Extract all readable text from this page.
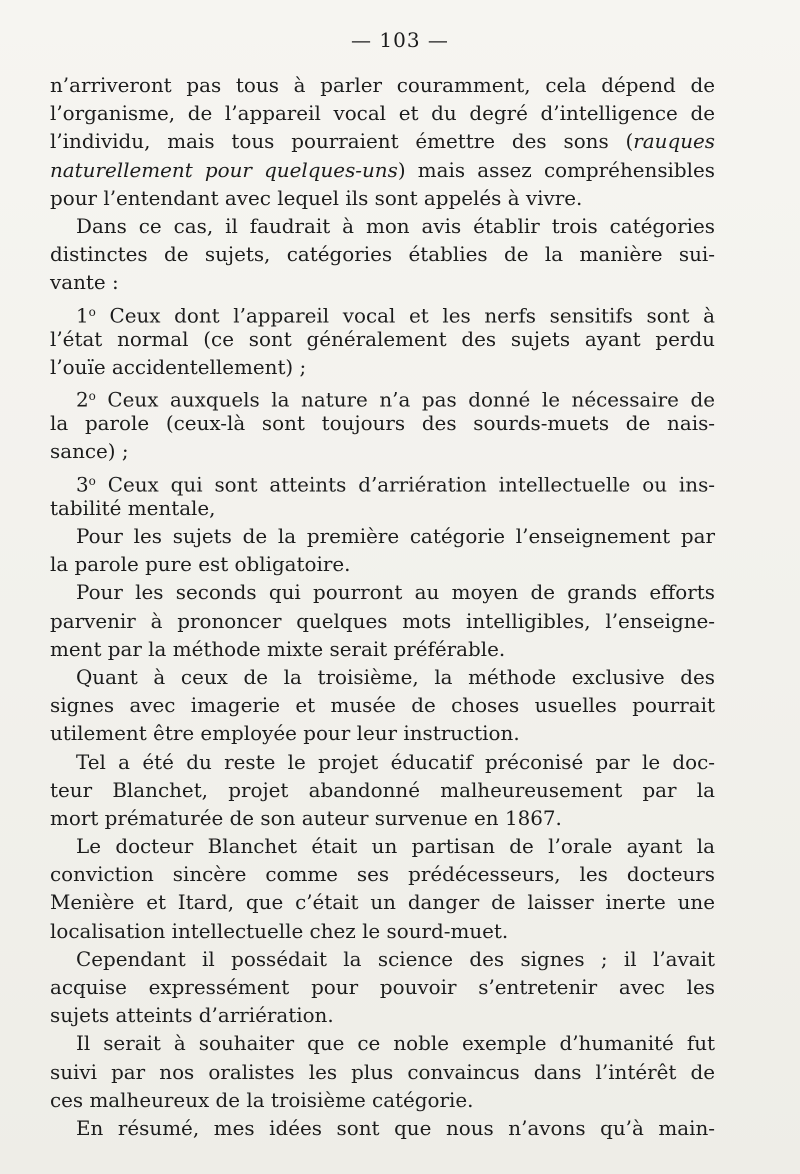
— 103 —
n’arriveront pas tous à parler couramment, cela dépend de
l’organisme, de l’appareil vocal et du degré d’intelligence de
l’individu, mais tous pourraient émettre des sons (rauques
naturellement pour quelques-uns) mais assez compréhensibles
pour l’entendant avec lequel ils sont appelés à vivre.
Dans ce cas, il faudrait à mon avis établir trois catégories
distinctes de sujets, catégories établies de la manière sui-
vante :
1$^o$ Ceux dont l’appareil vocal et les nerfs sensitifs sont à
l’état normal (ce sont généralement des sujets ayant perdu
l’ouïe accidentellement) ;
2$^o$ Ceux auxquels la nature n’a pas donné le nécessaire de
la parole (ceux-là sont toujours des sourds-muets de nais-
sance) ;
3$^o$ Ceux qui sont atteints d’arriération intellectuelle ou ins-
tabilité mentale,
Pour les sujets de la première catégorie l’enseignement par
la parole pure est obligatoire.
Pour les seconds qui pourront au moyen de grands efforts
parvenir à prononcer quelques mots intelligibles, l’enseigne-
ment par la méthode mixte serait préférable.
Quant à ceux de la troisième, la méthode exclusive des
signes avec imagerie et musée de choses usuelles pourrait
utilement être employée pour leur instruction.
Tel a été du reste le projet éducatif préconisé par le doc-
teur Blanchet, projet abandonné malheureusement par la
mort prématurée de son auteur survenue en 1867.
Le docteur Blanchet était un partisan de l’orale ayant la
conviction sincère comme ses prédécesseurs, les docteurs
Menière et Itard, que c’était un danger de laisser inerte une
localisation intellectuelle chez le sourd-muet.
Cependant il possédait la science des signes ; il l’avait
acquise expressément pour pouvoir s’entretenir avec les
sujets atteints d’arriération.
Il serait à souhaiter que ce noble exemple d’humanité fut
suivi par nos oralistes les plus convaincus dans l’intérêt de
ces malheureux de la troisième catégorie.
En résumé, mes idées sont que nous n’avons qu’à main-
